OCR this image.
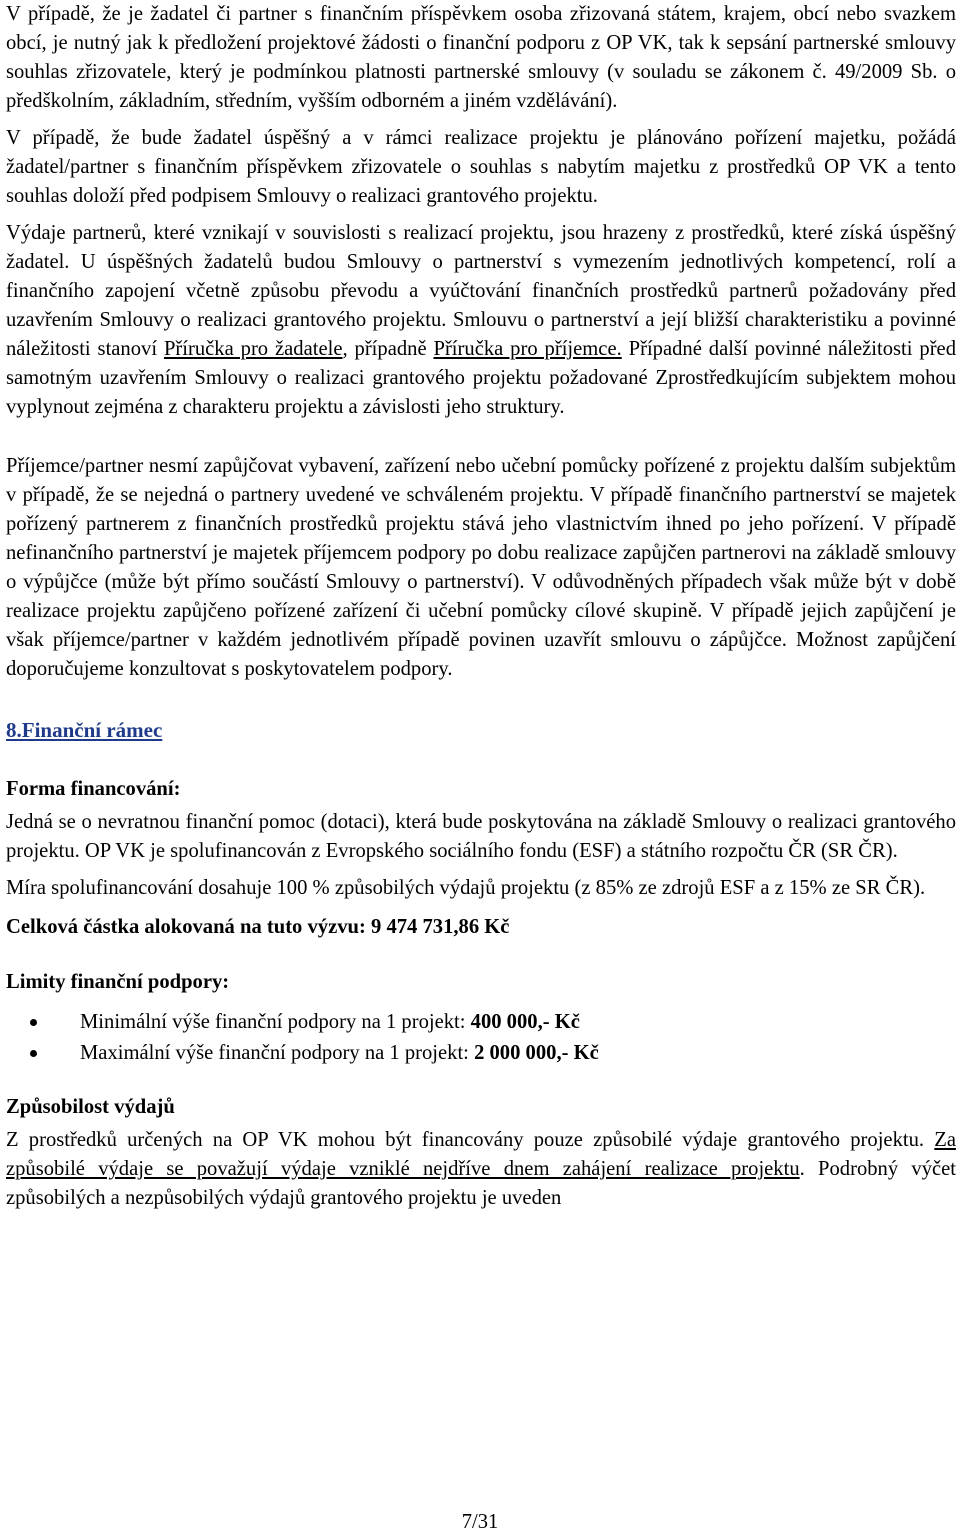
V případě, že je žadatel či partner s finančním příspěvkem osoba zřizovaná státem, krajem, obcí nebo svazkem obcí, je nutný jak k předložení projektové žádosti o finanční podporu z OP VK, tak k sepsání partnerské smlouvy souhlas zřizovatele, který je podmínkou platnosti partnerské smlouvy (v souladu se zákonem č. 49/2009 Sb. o předškolním, základním, středním, vyšším odborném a jiném vzdělávání).

V případě, že bude žadatel úspěšný a v rámci realizace projektu je plánováno pořízení majetku, požádá žadatel/partner s finančním příspěvkem zřizovatele o souhlas s nabytím majetku z prostředků OP VK a tento souhlas doloží před podpisem Smlouvy o realizaci grantového projektu.

Výdaje partnerů, které vznikají v souvislosti s realizací projektu, jsou hrazeny z prostředků, které získá úspěšný žadatel. U úspěšných žadatelů budou Smlouvy o partnerství s vymezením jednotlivých kompetencí, rolí a finančního zapojení včetně způsobu převodu a vyúčtování finančních prostředků partnerů požadovány před uzavřením Smlouvy o realizaci grantového projektu. Smlouvu o partnerství a její bližší charakteristiku a povinné náležitosti stanoví Příručka pro žadatele, případně Příručka pro příjemce. Případné další povinné náležitosti před samotným uzavřením Smlouvy o realizaci grantového projektu požadované Zprostředkujícím subjektem mohou vyplynout zejména z charakteru projektu a závislosti jeho struktury.

Příjemce/partner nesmí zapůjčovat vybavení, zařízení nebo učební pomůcky pořízené z projektu dalším subjektům v případě, že se nejedná o partnery uvedené ve schváleném projektu. V případě finančního partnerství se majetek pořízený partnerem z finančních prostředků projektu stává jeho vlastnictvím ihned po jeho pořízení. V případě nefinančního partnerství je majetek příjemcem podpory po dobu realizace zapůjčen partnerovi na základě smlouvy o výpůjčce (může být přímo součástí Smlouvy o partnerství). V odůvodněných případech však může být v době realizace projektu zapůjčeno pořízené zařízení či učební pomůcky cílové skupině. V případě jejich zapůjčení je však příjemce/partner v každém jednotlivém případě povinen uzavřít smlouvu o zápůjčce. Možnost zapůjčení doporučujeme konzultovat s poskytovatelem podpory.

8.Finanční rámec
Forma financování:

Jedná se o nevratnou finanční pomoc (dotaci), která bude poskytována na základě Smlouvy o realizaci grantového projektu. OP VK je spolufinancován z Evropského sociálního fondu (ESF) a státního rozpočtu ČR (SR ČR).

Míra spolufinancování dosahuje 100 % způsobilých výdajů projektu (z 85% ze zdrojů ESF a z 15% ze SR ČR).

Celková částka alokovaná na tuto výzvu: 9 474 731,86 Kč
Limity finanční podpory:
Minimální výše finanční podpory na 1 projekt: 400 000,- Kč
Maximální výše finanční podpory na 1 projekt: 2 000 000,- Kč
Způsobilost výdajů

Z prostředků určených na OP VK mohou být financovány pouze způsobilé výdaje grantového projektu. Za způsobilé výdaje se považují výdaje vzniklé nejdříve dnem zahájení realizace projektu. Podrobný výčet způsobilých a nezpůsobilých výdajů grantového projektu je uveden

7/31
